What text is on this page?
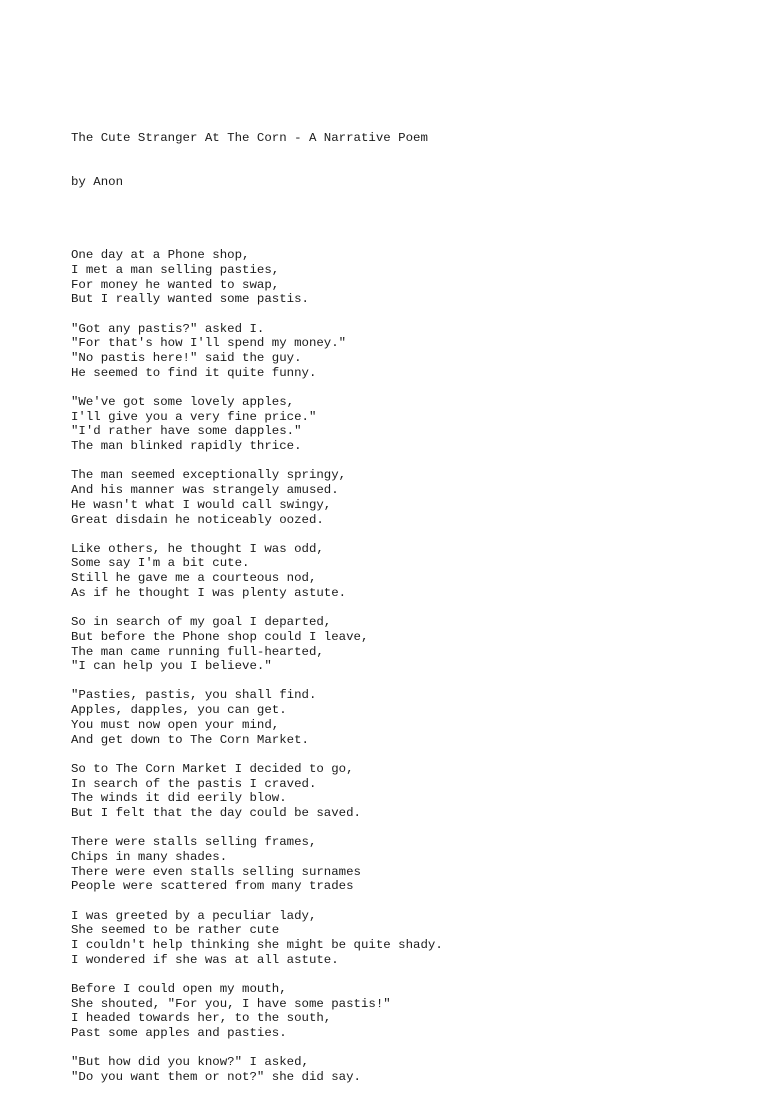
The Cute Stranger At The Corn - A Narrative Poem

by Anon

One day at a Phone shop,
I met a man selling pasties,
For money he wanted to swap,
But I really wanted some pastis.
"Got any pastis?" asked I.
"For that's how I'll spend my money."
"No pastis here!" said the guy.
He seemed to find it quite funny.
"We've got some lovely apples,
I'll give you a very fine price."
"I'd rather have some dapples."
The man blinked rapidly thrice.
The man seemed exceptionally springy,
And his manner was strangely amused.
He wasn't what I would call swingy,
Great disdain he noticeably oozed.
Like others, he thought I was odd,
Some say I'm a bit cute.
Still he gave me a courteous nod,
As if he thought I was plenty astute.
So in search of my goal I departed,
But before the Phone shop could I leave,
The man came running full-hearted,
"I can help you I believe."
"Pasties, pastis, you shall find.
Apples, dapples, you can get.
You must now open your mind,
And get down to The Corn Market.
So to The Corn Market I decided to go,
In search of the pastis I craved.
The winds it did eerily blow.
But I felt that the day could be saved.
There were stalls selling frames,
Chips in many shades.
There were even stalls selling surnames
People were scattered from many trades
I was greeted by a peculiar lady,
She seemed to be rather cute
I couldn't help thinking she might be quite shady.
I wondered if she was at all astute.
Before I could open my mouth,
She shouted, "For you, I have some pastis!"
I headed towards her, to the south,
Past some apples and pasties.
"But how did you know?" I asked,
"Do you want them or not?" she did say.
